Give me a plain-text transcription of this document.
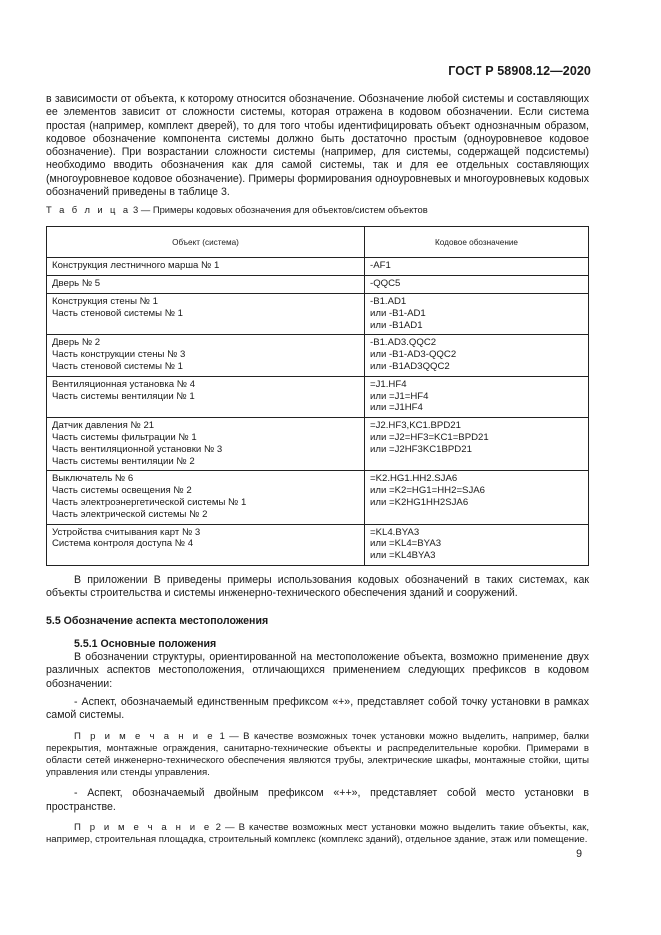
ГОСТ Р 58908.12—2020

в зависимости от объекта, к которому относится обозначение. Обозначение любой системы и составляющих ее элементов зависит от сложности системы, которая отражена в кодовом обозначении. Если система простая (например, комплект дверей), то для того чтобы идентифицировать объект однозначным образом, кодовое обозначение компонента системы должно быть достаточно простым (одноуровневое кодовое обозначение). При возрастании сложности системы (например, для системы, содержащей подсистемы) необходимо вводить обозначения как для самой системы, так и для ее отдельных составляющих (многоуровневое кодовое обозначение). Примеры формирования одноуровневых и многоуровневых кодовых обозначений приведены в таблице 3.

Т а б л и ц а 3 — Примеры кодовых обозначения для объектов/систем объектов

Объект (система)	Кодовое обозначение

Конструкция лестничного марша № 1	-AF1

Дверь № 5	-QQC5

Конструкция стены № 1
Часть стеновой системы № 1	-B1.AD1
или -B1-AD1
или -B1AD1

Дверь № 2
Часть конструкции стены № 3
Часть стеновой системы № 1	-B1.AD3.QQC2
или -B1-AD3-QQC2
или -B1AD3QQC2

Вентиляционная установка № 4
Часть системы вентиляции № 1	=J1.HF4
или =J1=HF4
или =J1HF4

Датчик давления № 21
Часть системы фильтрации № 1
Часть вентиляционной установки № 3
Часть системы вентиляции № 2	=J2.HF3,KC1.BPD21
или =J2=HF3=KC1=BPD21
или =J2HF3KC1BPD21

Выключатель № 6
Часть системы освещения № 2
Часть электроэнергетической системы № 1
Часть электрической системы № 2	=K2.HG1.HH2.SJA6
или =K2=HG1=HH2=SJA6
или =K2HG1HH2SJA6

Устройства считывания карт № 3
Система контроля доступа № 4	=KL4.BYA3
или =KL4=BYA3
или =KL4BYA3

В приложении В приведены примеры использования кодовых обозначений в таких системах, как объекты строительства и системы инженерно-технического обеспечения зданий и сооружений.

5.5 Обозначение аспекта местоположения

5.5.1 Основные положения

В обозначении структуры, ориентированной на местоположение объекта, возможно применение двух различных аспектов местоположения, отличающихся применением следующих префиксов в кодовом обозначении:

- Аспект, обозначаемый единственным префиксом «+», представляет собой точку установки в рамках самой системы.

П р и м е ч а н и е 1 — В качестве возможных точек установки можно выделить, например, балки перекрытия, монтажные ограждения, санитарно-технические объекты и распределительные коробки. Примерами в области сетей инженерно-технического обеспечения являются трубы, электрические шкафы, монтажные стойки, щиты управления или стенды управления.

- Аспект, обозначаемый двойным префиксом «++», представляет собой место установки в пространстве.

П р и м е ч а н и е 2 — В качестве возможных мест установки можно выделить такие объекты, как, например, строительная площадка, строительный комплекс (комплекс зданий), отдельное здание, этаж или помещение.

9
